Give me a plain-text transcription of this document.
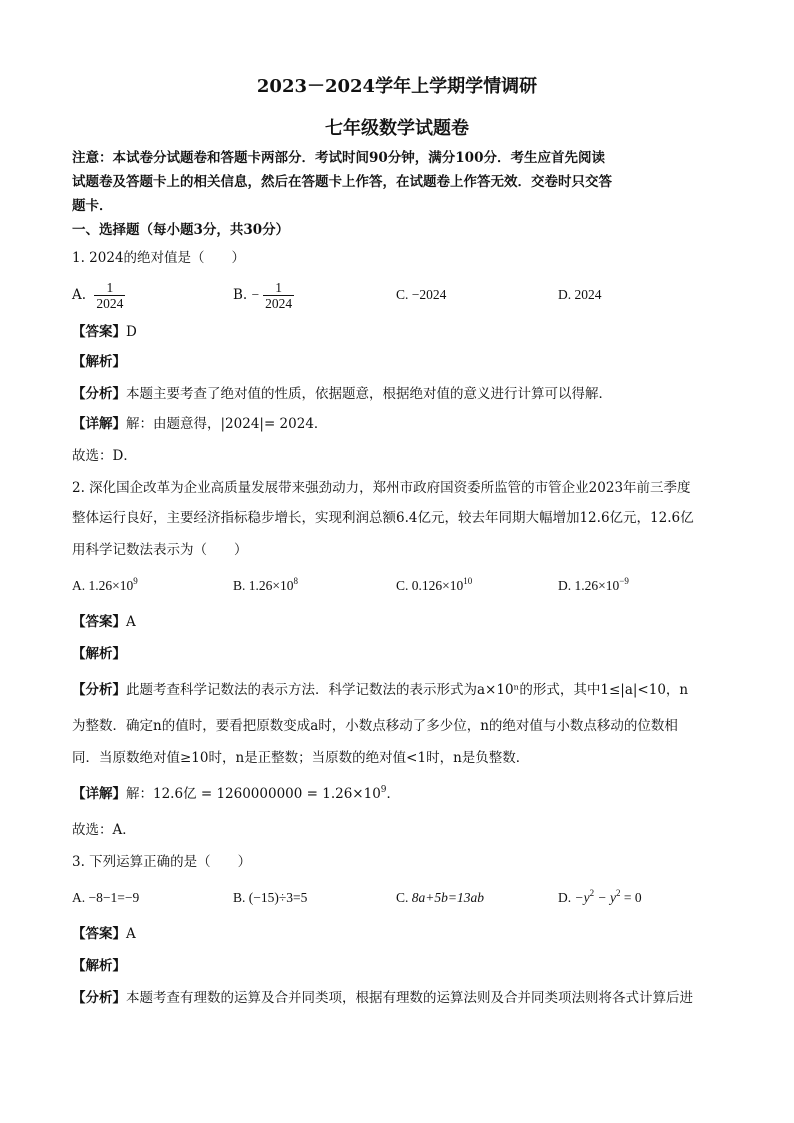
2023－2024学年上学期学情调研
七年级数学试题卷
注意：本试卷分试题卷和答题卡两部分．考试时间90分钟，满分100分．考生应首先阅读
试题卷及答题卡上的相关信息，然后在答题卡上作答，在试题卷上作答无效．交卷时只交答
题卡．
一、选择题（每小题3分，共30分）
1. 2024的绝对值是（　　）
A. $\frac{1}{2024}$	B. − $\frac{1}{2024}$	C. −2024	D. 2024
【答案】D
【解析】
【分析】本题主要考查了绝对值的性质，依据题意，根据绝对值的意义进行计算可以得解．
【详解】解：由题意得，|2024|= 2024．
故选：D．
2. 深化国企改革为企业高质量发展带来强劲动力，郑州市政府国资委所监管的市管企业2023年前三季度
整体运行良好，主要经济指标稳步增长，实现利润总额6.4亿元，较去年同期大幅增加12.6亿元，12.6亿
用科学记数法表示为（　　）
A. $1.26\times 10^9$	B. $1.26\times 10^8$	C. $0.126\times 10^{10}$	D. $1.26\times 10^{-9}$
【答案】A
【解析】
【分析】此题考查科学记数法的表示方法．科学记数法的表示形式为a×10ⁿ的形式，其中1≤|a|<10，n
为整数．确定n的值时，要看把原数变成a时，小数点移动了多少位，n的绝对值与小数点移动的位数相
同．当原数绝对值≥10时，n是正整数；当原数的绝对值<1时，n是负整数．
【详解】解：12.6亿 = $1260000000 = 1.26\times 10^9$．
故选：A．
3. 下列运算正确的是（　　）
A. −8−1=−9	B. (−15)÷3=5	C. 8a+5b=13ab	D. $-y^2 - y^2 = 0$
【答案】A
【解析】
【分析】本题考查有理数的运算及合并同类项，根据有理数的运算法则及合并同类项法则将各式计算后进
